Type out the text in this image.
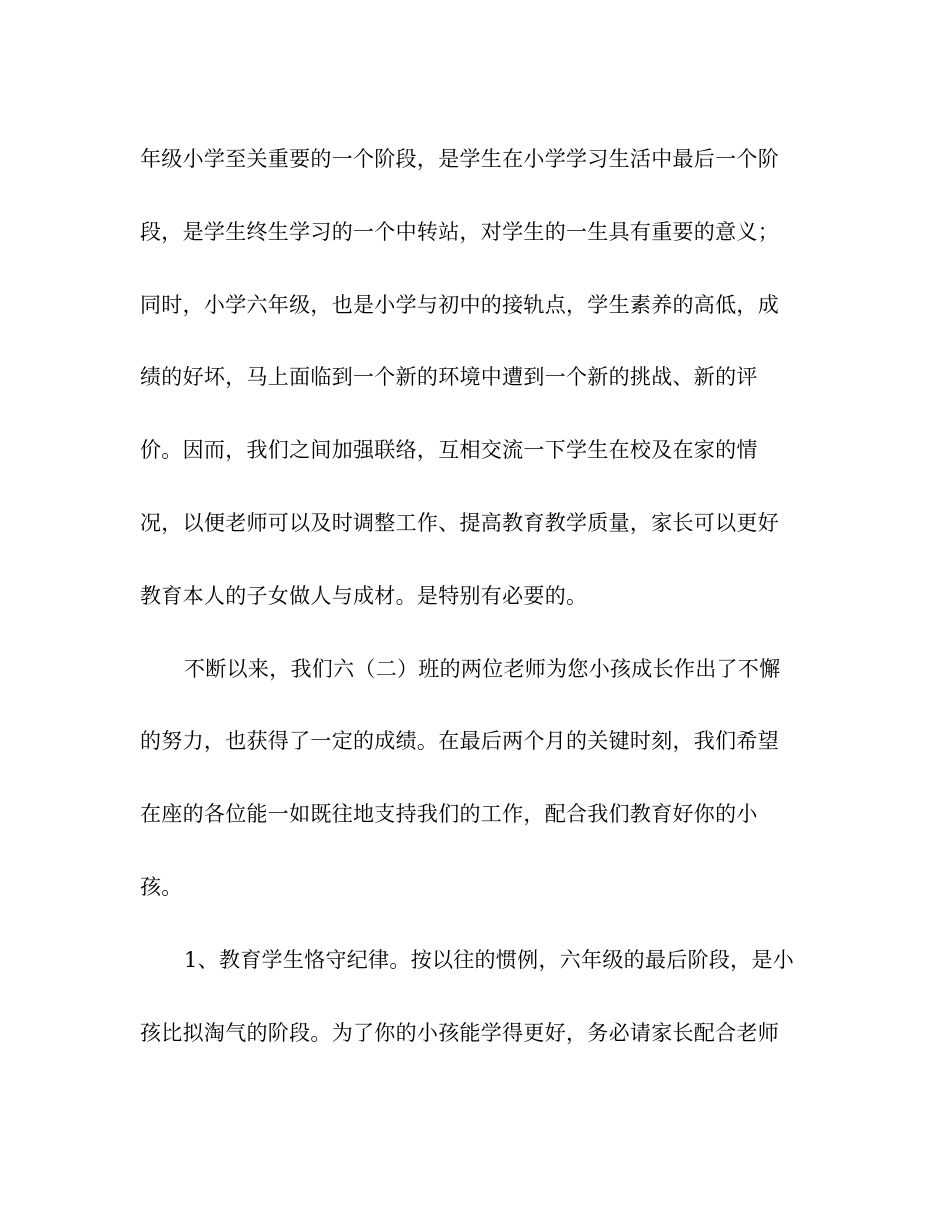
年级小学至关重要的一个阶段，是学生在小学学习生活中最后一个阶
段，是学生终生学习的一个中转站，对学生的一生具有重要的意义；
同时，小学六年级，也是小学与初中的接轨点，学生素养的高低，成
绩的好坏，马上面临到一个新的环境中遭到一个新的挑战、新的评
价。因而，我们之间加强联络，互相交流一下学生在校及在家的情
况，以便老师可以及时调整工作、提高教育教学质量，家长可以更好
教育本人的子女做人与成材。是特别有必要的。
不断以来，我们六（二）班的两位老师为您小孩成长作出了不懈
的努力，也获得了一定的成绩。在最后两个月的关键时刻，我们希望
在座的各位能一如既往地支持我们的工作，配合我们教育好你的小
孩。
1、教育学生恪守纪律。按以往的惯例，六年级的最后阶段，是小
孩比拟淘气的阶段。为了你的小孩能学得更好，务必请家长配合老师
